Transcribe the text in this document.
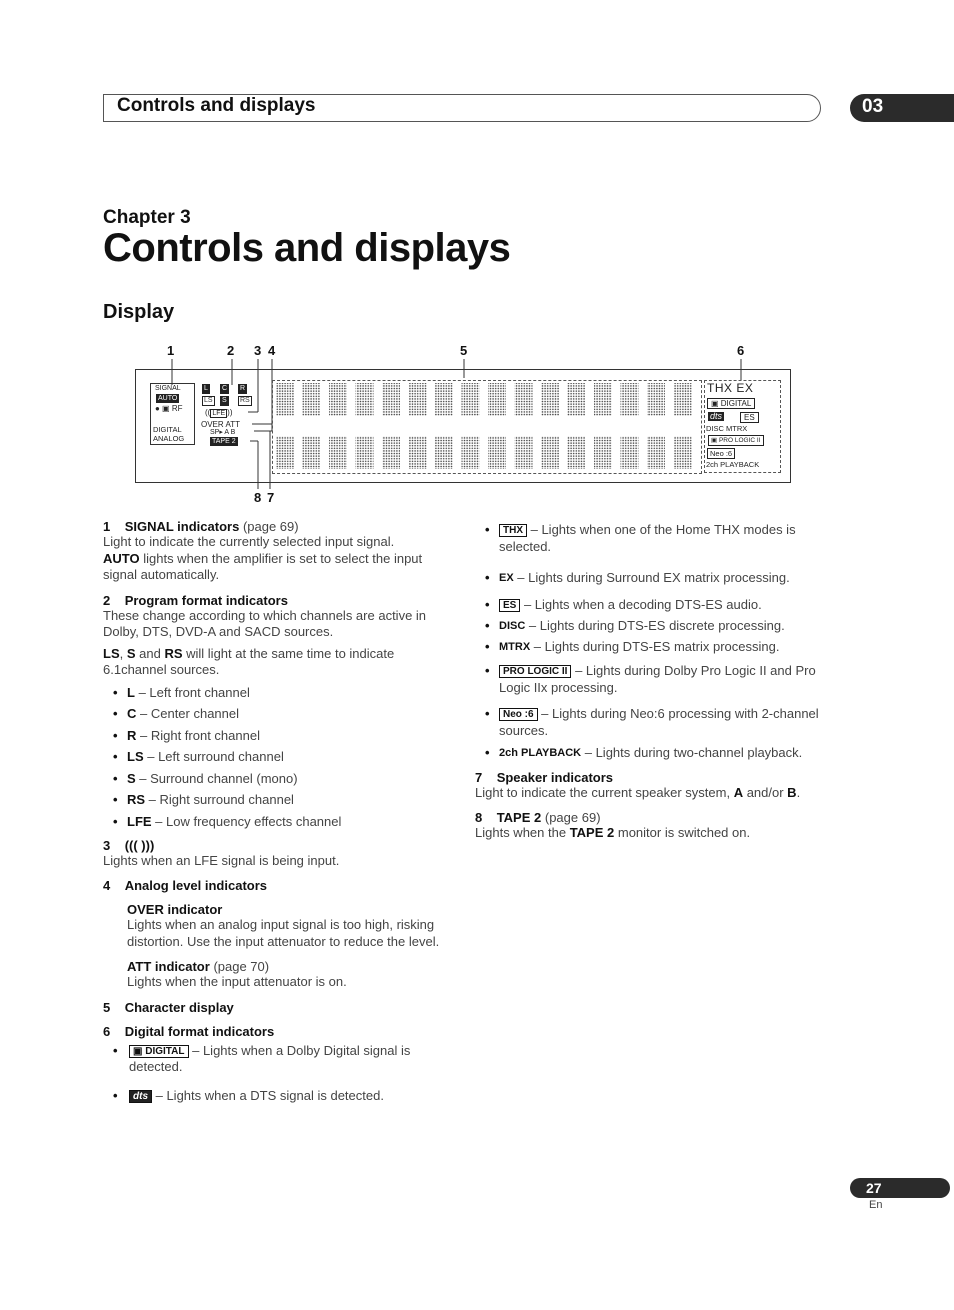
Controls and displays	03
Chapter 3
Controls and displays
Display
1	2 3 4	5	6
8 7
SIGNAL
AUTO
● ▣ RF
DIGITAL
ANALOG
L C R
LS S RS
(( LFE ))
OVER ATT
SP▸ A B
TAPE 2
THX EX
▣ DIGITAL
dts	ES
DISC MTRX
▣ PRO LOGIC II
Neo :6
2ch PLAYBACK
1 SIGNAL indicators (page 69)
Light to indicate the currently selected input signal.
AUTO lights when the amplifier is set to select the input signal automatically.
2 Program format indicators
These change according to which channels are active in Dolby, DTS, DVD-A and SACD sources.
LS, S and RS will light at the same time to indicate 6.1channel sources.
• L – Left front channel
• C – Center channel
• R – Right front channel
• LS – Left surround channel
• S – Surround channel (mono)
• RS – Right surround channel
• LFE – Low frequency effects channel
3 ((( )))
Lights when an LFE signal is being input.
4 Analog level indicators
OVER indicator
Lights when an analog input signal is too high, risking distortion. Use the input attenuator to reduce the level.
ATT indicator (page 70)
Lights when the input attenuator is on.
5 Character display
6 Digital format indicators
•	▣ DIGITAL – Lights when a Dolby Digital signal is detected.
•	dts – Lights when a DTS signal is detected.
•	THX – Lights when one of the Home THX modes is selected.
• EX – Lights during Surround EX matrix processing.
•	ES – Lights when a decoding DTS-ES audio.
• DISC – Lights during DTS-ES discrete processing.
• MTRX – Lights during DTS-ES matrix processing.
•	PRO LOGIC II – Lights during Dolby Pro Logic II and Pro Logic IIx processing.
•	Neo :6 – Lights during Neo:6 processing with 2-channel sources.
• 2ch PLAYBACK – Lights during two-channel playback.
7 Speaker indicators
Light to indicate the current speaker system, A and/or B.
8 TAPE 2 (page 69)
Lights when the TAPE 2 monitor is switched on.
27
En
